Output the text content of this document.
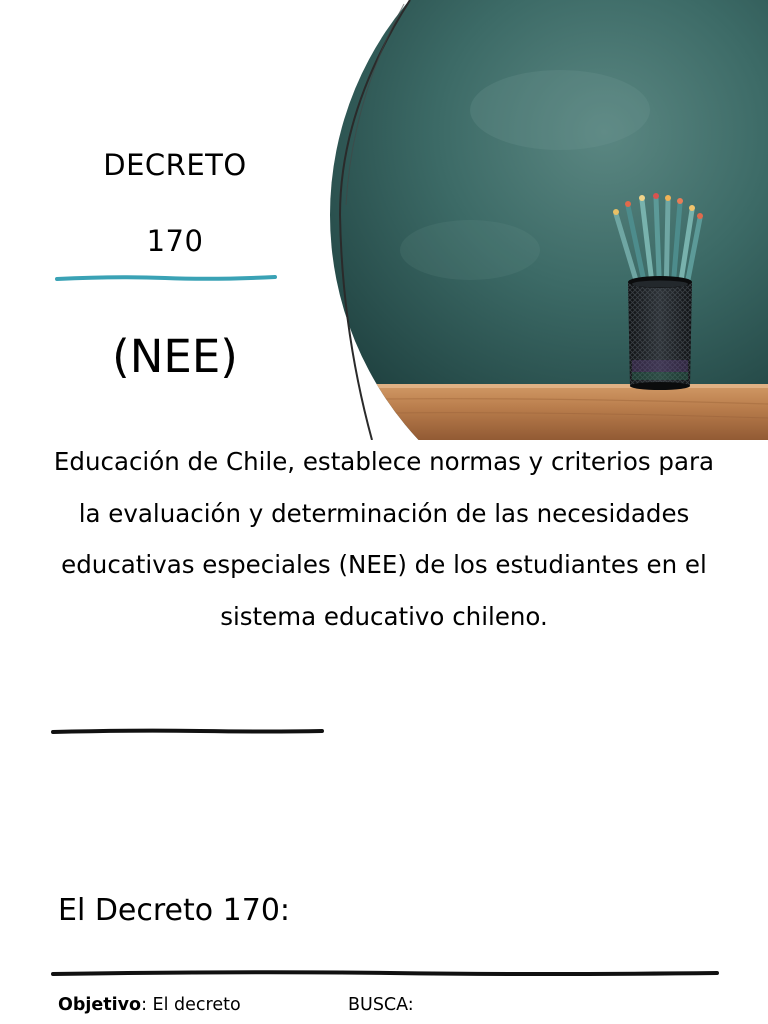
DECRETO
170
(NEE)
Educación de Chile, establece normas y criterios para la evaluación y determinación de las necesidades educativas especiales (NEE) de los estudiantes en el sistema educativo chileno.
El Decreto 170:
Objetivo: El decreto	BUSCA:
